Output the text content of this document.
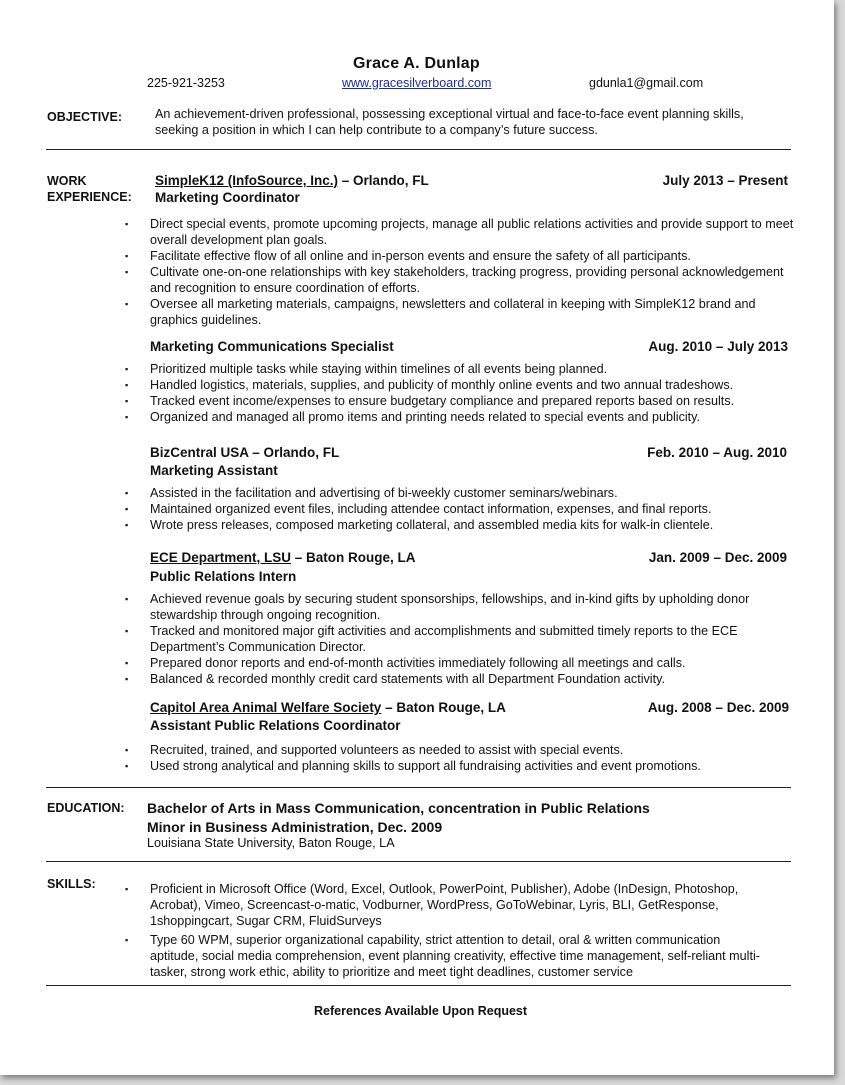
Grace A. Dunlap
225-921-3253	www.gracesilverboard.com	gdunla1@gmail.com
OBJECTIVE:	An achievement-driven professional, possessing exceptional virtual and face-to-face event planning skills, seeking a position in which I can help contribute to a company’s future success.
WORK
EXPERIENCE:
SimpleK12 (InfoSource, Inc.) – Orlando, FL
Marketing Coordinator
July 2013 – Present
▪ Direct special events, promote upcoming projects, manage all public relations activities and provide support to meet overall development plan goals.
▪ Facilitate effective flow of all online and in-person events and ensure the safety of all participants.
▪ Cultivate one-on-one relationships with key stakeholders, tracking progress, providing personal acknowledgement and recognition to ensure coordination of efforts.
▪ Oversee all marketing materials, campaigns, newsletters and collateral in keeping with SimpleK12 brand and graphics guidelines.
Marketing Communications Specialist	Aug. 2010 – July 2013
▪ Prioritized multiple tasks while staying within timelines of all events being planned.
▪ Handled logistics, materials, supplies, and publicity of monthly online events and two annual tradeshows.
▪ Tracked event income/expenses to ensure budgetary compliance and prepared reports based on results.
▪ Organized and managed all promo items and printing needs related to special events and publicity.
BizCentral USA – Orlando, FL
Marketing Assistant
Feb. 2010 – Aug. 2010
▪ Assisted in the facilitation and advertising of bi-weekly customer seminars/webinars.
▪ Maintained organized event files, including attendee contact information, expenses, and final reports.
▪ Wrote press releases, composed marketing collateral, and assembled media kits for walk-in clientele.
ECE Department, LSU – Baton Rouge, LA
Public Relations Intern
Jan. 2009 – Dec. 2009
▪ Achieved revenue goals by securing student sponsorships, fellowships, and in-kind gifts by upholding donor stewardship through ongoing recognition.
▪ Tracked and monitored major gift activities and accomplishments and submitted timely reports to the ECE Department’s Communication Director.
▪ Prepared donor reports and end-of-month activities immediately following all meetings and calls.
▪ Balanced & recorded monthly credit card statements with all Department Foundation activity.
Capitol Area Animal Welfare Society – Baton Rouge, LA
Assistant Public Relations Coordinator
Aug. 2008 – Dec. 2009
▪ Recruited, trained, and supported volunteers as needed to assist with special events.
▪ Used strong analytical and planning skills to support all fundraising activities and event promotions.
EDUCATION: Bachelor of Arts in Mass Communication, concentration in Public Relations
Minor in Business Administration, Dec. 2009
Louisiana State University, Baton Rouge, LA
SKILLS:
▪	Proficient in Microsoft Office (Word, Excel, Outlook, PowerPoint, Publisher), Adobe (InDesign, Photoshop, Acrobat), Vimeo, Screencast-o-matic, Vodburner, WordPress, GoToWebinar, Lyris, BLI, GetResponse, 1shoppingcart, Sugar CRM, FluidSurveys
▪ Type 60 WPM, superior organizational capability, strict attention to detail, oral & written communication aptitude, social media comprehension, event planning creativity, effective time management, self-reliant multi-tasker, strong work ethic, ability to prioritize and meet tight deadlines, customer service
References Available Upon Request
